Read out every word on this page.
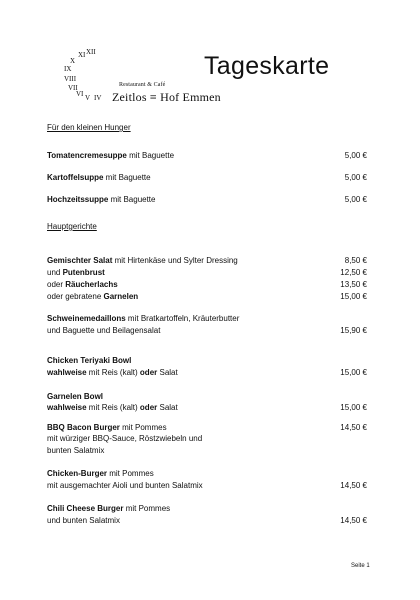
XII
XI
X
IX
VIII
VII
VI V IV
Restaurant & Café
Zeitlos ≡ Hof Emmen
Tageskarte
Für den kleinen Hunger
Hauptgerichte
Tomatencremesuppe mit Baguette	5,00 €
Kartoffelsuppe mit Baguette	5,00 €
Hochzeitssuppe mit Baguette	5,00 €
Gemischter Salat mit Hirtenkäse und Sylter Dressing	8,50 €
und Putenbrust	12,50 €
oder Räucherlachs	13,50 €
oder gebratene Garnelen	15,00 €
Schweinemedaillons mit Bratkartoffeln, Kräuterbutter
und Baguette und Beilagensalat	15,90 €
Chicken Teriyaki Bowl
wahlweise mit Reis (kalt) oder Salat	15,00 €
Garnelen Bowl
wahlweise mit Reis (kalt) oder Salat	15,00 €
BBQ Bacon Burger mit Pommes	14,50 €
mit würziger BBQ-Sauce, Röstzwiebeln und
bunten Salatmix
Chicken-Burger mit Pommes
mit ausgemachter Aioli und bunten Salatmix	14,50 €
Chili Cheese Burger mit Pommes
und bunten Salatmix	14,50 €
Seite 1
